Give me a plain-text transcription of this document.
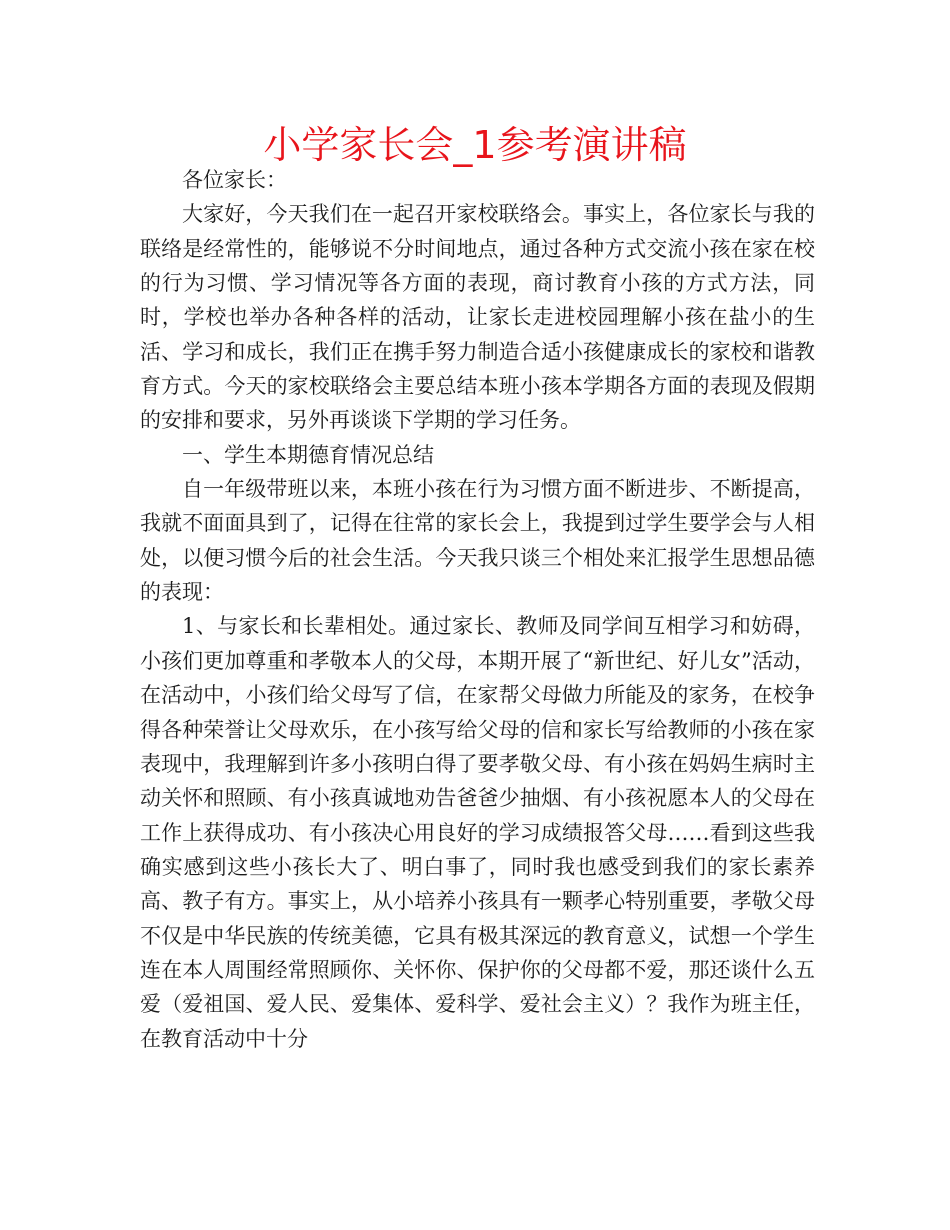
小学家长会_1参考演讲稿

各位家长：

大家好，今天我们在一起召开家校联络会。事实上，各位家长与我的联络是经常性的，能够说不分时间地点，通过各种方式交流小孩在家在校的行为习惯、学习情况等各方面的表现，商讨教育小孩的方式方法，同时，学校也举办各种各样的活动，让家长走进校园理解小孩在盐小的生活、学习和成长，我们正在携手努力制造合适小孩健康成长的家校和谐教育方式。今天的家校联络会主要总结本班小孩本学期各方面的表现及假期的安排和要求，另外再谈谈下学期的学习任务。

一、学生本期德育情况总结

自一年级带班以来，本班小孩在行为习惯方面不断进步、不断提高，我就不面面具到了，记得在往常的家长会上，我提到过学生要学会与人相处，以便习惯今后的社会生活。今天我只谈三个相处来汇报学生思想品德的表现：

1、与家长和长辈相处。通过家长、教师及同学间互相学习和妨碍，小孩们更加尊重和孝敬本人的父母，本期开展了“新世纪、好儿女”活动，在活动中，小孩们给父母写了信，在家帮父母做力所能及的家务，在校争得各种荣誉让父母欢乐，在小孩写给父母的信和家长写给教师的小孩在家表现中，我理解到许多小孩明白得了要孝敬父母、有小孩在妈妈生病时主动关怀和照顾、有小孩真诚地劝告爸爸少抽烟、有小孩祝愿本人的父母在工作上获得成功、有小孩决心用良好的学习成绩报答父母……看到这些我确实感到这些小孩长大了、明白事了，同时我也感受到我们的家长素养高、教子有方。事实上，从小培养小孩具有一颗孝心特别重要，孝敬父母不仅是中华民族的传统美德，它具有极其深远的教育意义，试想一个学生连在本人周围经常照顾你、关怀你、保护你的父母都不爱，那还谈什么五爱（爱祖国、爱人民、爱集体、爱科学、爱社会主义）？我作为班主任，在教育活动中十分
